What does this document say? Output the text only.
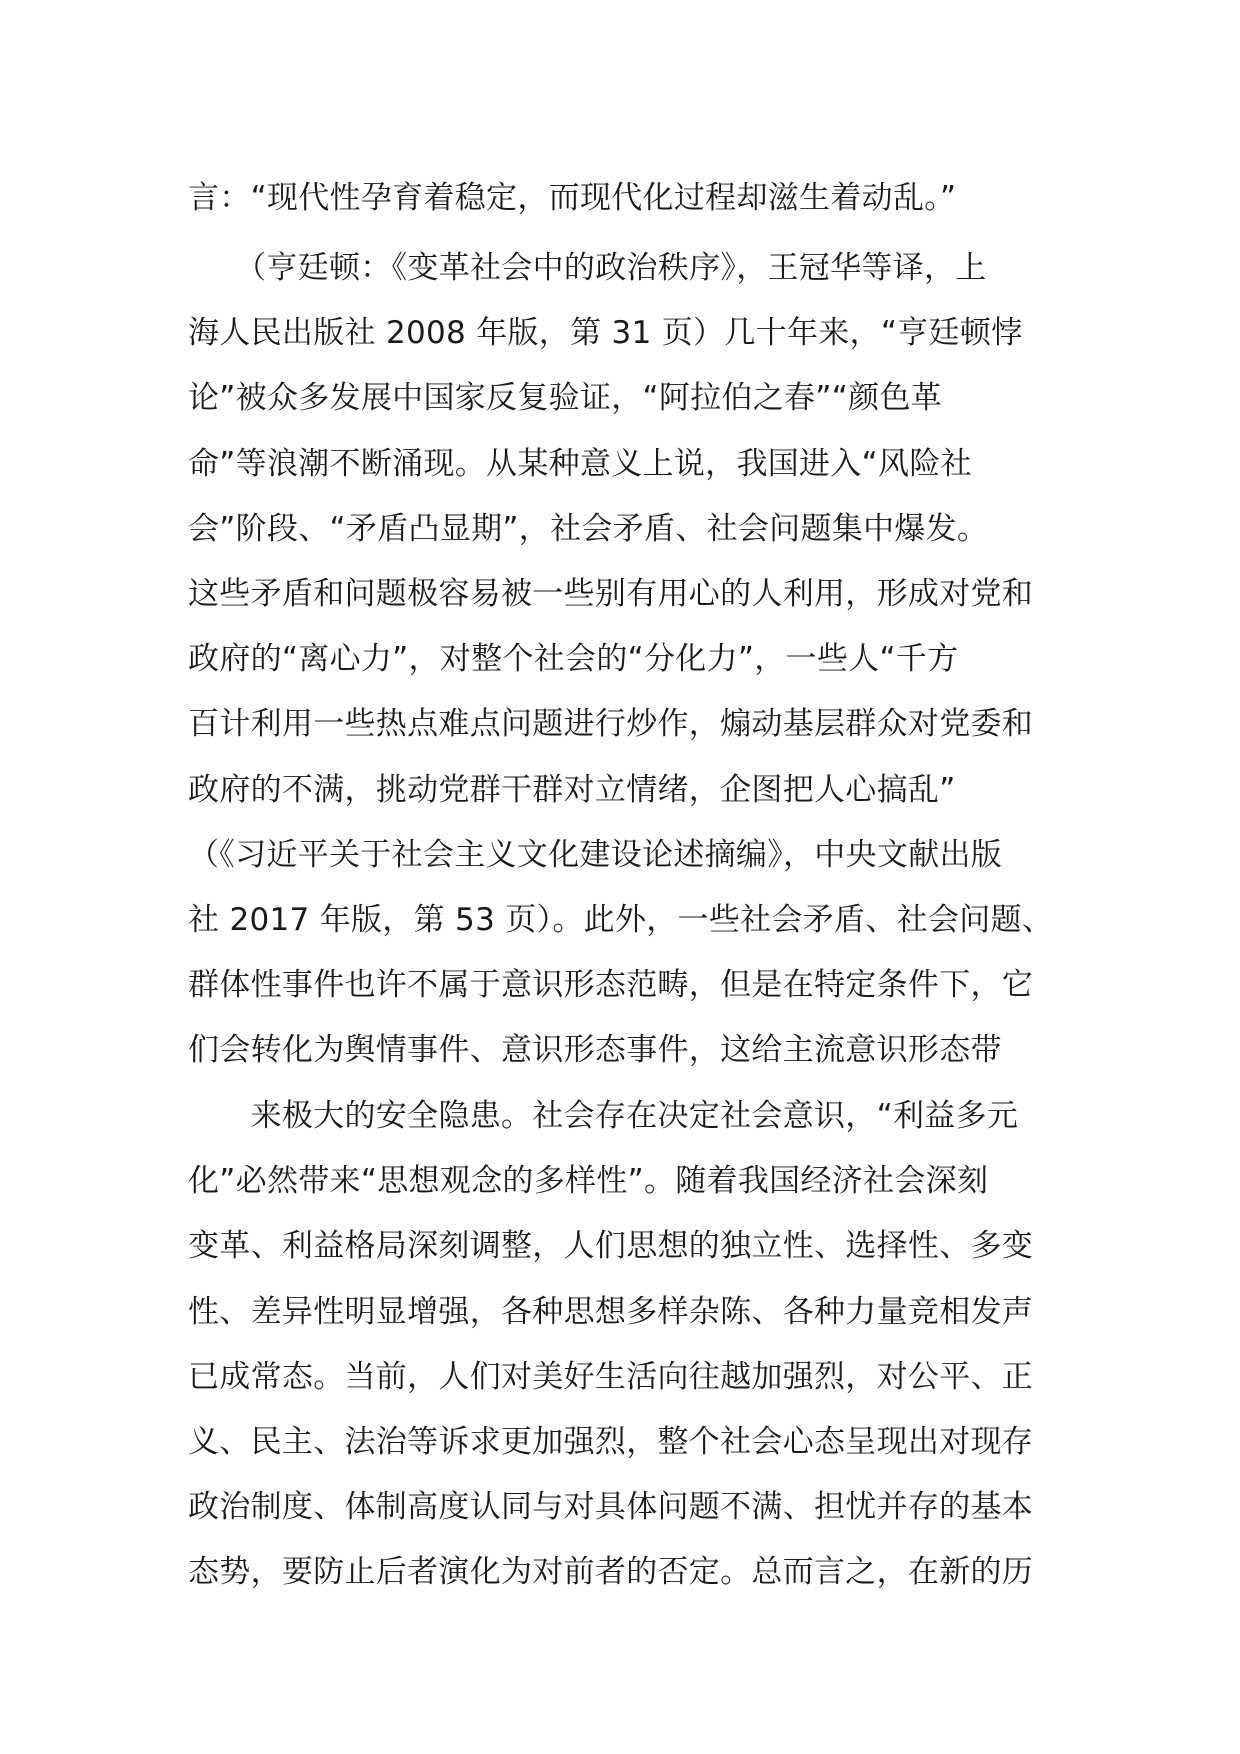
言：“现代性孕育着稳定，而现代化过程却滋生着动乱。”
　　（亨廷顿：《变革社会中的政治秩序》，王冠华等译，上
海人民出版社 2008 年版，第 31 页）几十年来，“亨廷顿悖
论”被众多发展中国家反复验证，“阿拉伯之春”“颜色革
命”等浪潮不断涌现。从某种意义上说，我国进入“风险社
会”阶段、“矛盾凸显期”，社会矛盾、社会问题集中爆发。
这些矛盾和问题极容易被一些别有用心的人利用，形成对党和
政府的“离心力”，对整个社会的“分化力”，一些人“千方
百计利用一些热点难点问题进行炒作，煽动基层群众对党委和
政府的不满，挑动党群干群对立情绪，企图把人心搞乱”
（《习近平关于社会主义文化建设论述摘编》，中央文献出版
社 2017 年版，第 53 页）。此外，一些社会矛盾、社会问题、
群体性事件也许不属于意识形态范畴，但是在特定条件下，它
们会转化为舆情事件、意识形态事件，这给主流意识形态带
　　来极大的安全隐患。社会存在决定社会意识，“利益多元
化”必然带来“思想观念的多样性”。随着我国经济社会深刻
变革、利益格局深刻调整，人们思想的独立性、选择性、多变
性、差异性明显增强，各种思想多样杂陈、各种力量竞相发声
已成常态。当前，人们对美好生活向往越加强烈，对公平、正
义、民主、法治等诉求更加强烈，整个社会心态呈现出对现存
政治制度、体制高度认同与对具体问题不满、担忧并存的基本
态势，要防止后者演化为对前者的否定。总而言之，在新的历
